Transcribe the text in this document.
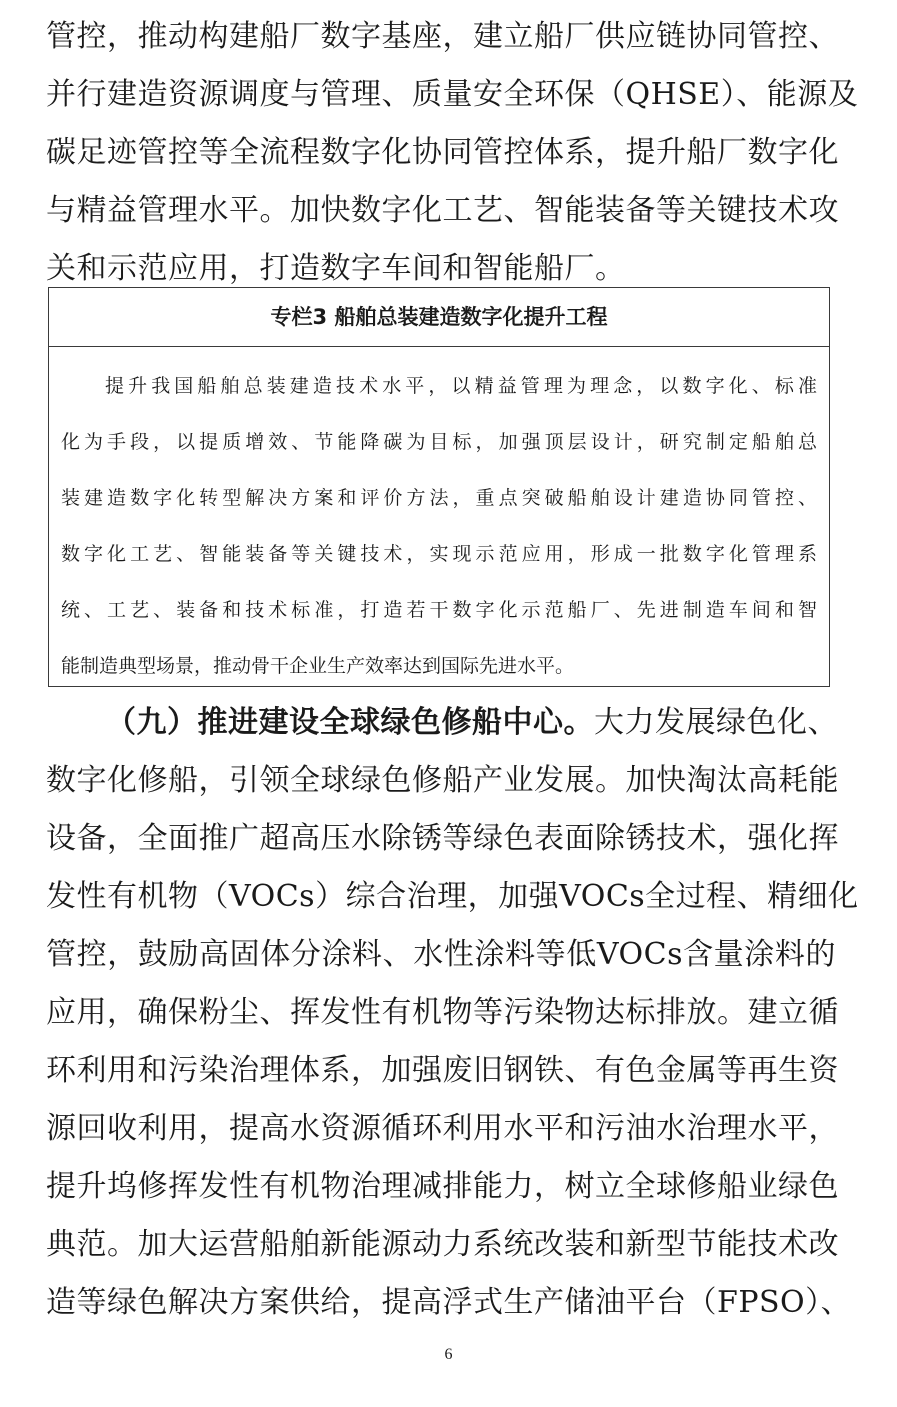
管控，推动构建船厂数字基座，建立船厂供应链协同管控、
并行建造资源调度与管理、质量安全环保（QHSE）、能源及
碳足迹管控等全流程数字化协同管控体系，提升船厂数字化
与精益管理水平。加快数字化工艺、智能装备等关键技术攻
关和示范应用，打造数字车间和智能船厂。
专栏3 船舶总装建造数字化提升工程
提升我国船舶总装建造技术水平，以精益管理为理念，以数字化、标准
化为手段，以提质增效、节能降碳为目标，加强顶层设计，研究制定船舶总
装建造数字化转型解决方案和评价方法，重点突破船舶设计建造协同管控、
数字化工艺、智能装备等关键技术，实现示范应用，形成一批数字化管理系
统、工艺、装备和技术标准，打造若干数字化示范船厂、先进制造车间和智
能制造典型场景，推动骨干企业生产效率达到国际先进水平。
（九）推进建设全球绿色修船中心。大力发展绿色化、
数字化修船，引领全球绿色修船产业发展。加快淘汰高耗能
设备，全面推广超高压水除锈等绿色表面除锈技术，强化挥
发性有机物（VOCs）综合治理，加强VOCs全过程、精细化
管控，鼓励高固体分涂料、水性涂料等低VOCs含量涂料的
应用，确保粉尘、挥发性有机物等污染物达标排放。建立循
环利用和污染治理体系，加强废旧钢铁、有色金属等再生资
源回收利用，提高水资源循环利用水平和污油水治理水平，
提升坞修挥发性有机物治理减排能力，树立全球修船业绿色
典范。加大运营船舶新能源动力系统改装和新型节能技术改
造等绿色解决方案供给，提高浮式生产储油平台（FPSO）、
6
